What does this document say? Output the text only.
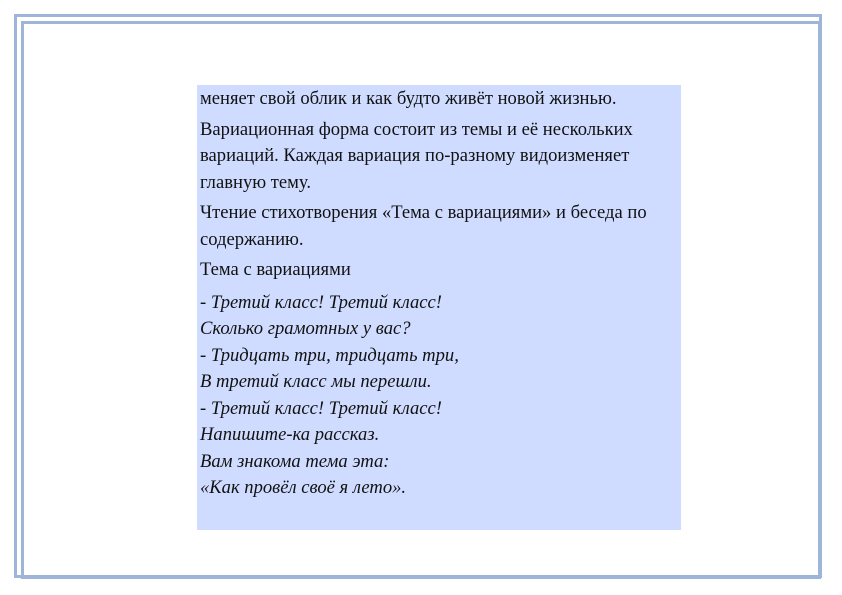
меняет свой облик и как будто живёт новой жизнью.

Вариационная форма состоит из темы и её нескольких вариаций. Каждая вариация по-разному видоизменяет главную тему.

Чтение стихотворения «Тема с вариациями» и беседа по содержанию.

Тема с вариациями

- Третий класс! Третий класс!
Сколько грамотных у вас?
- Тридцать три, тридцать три,
В третий класс мы перешли.
- Третий класс! Третий класс!
Напишите-ка рассказ.
Вам знакома тема эта:
«Как провёл своё я лето».
